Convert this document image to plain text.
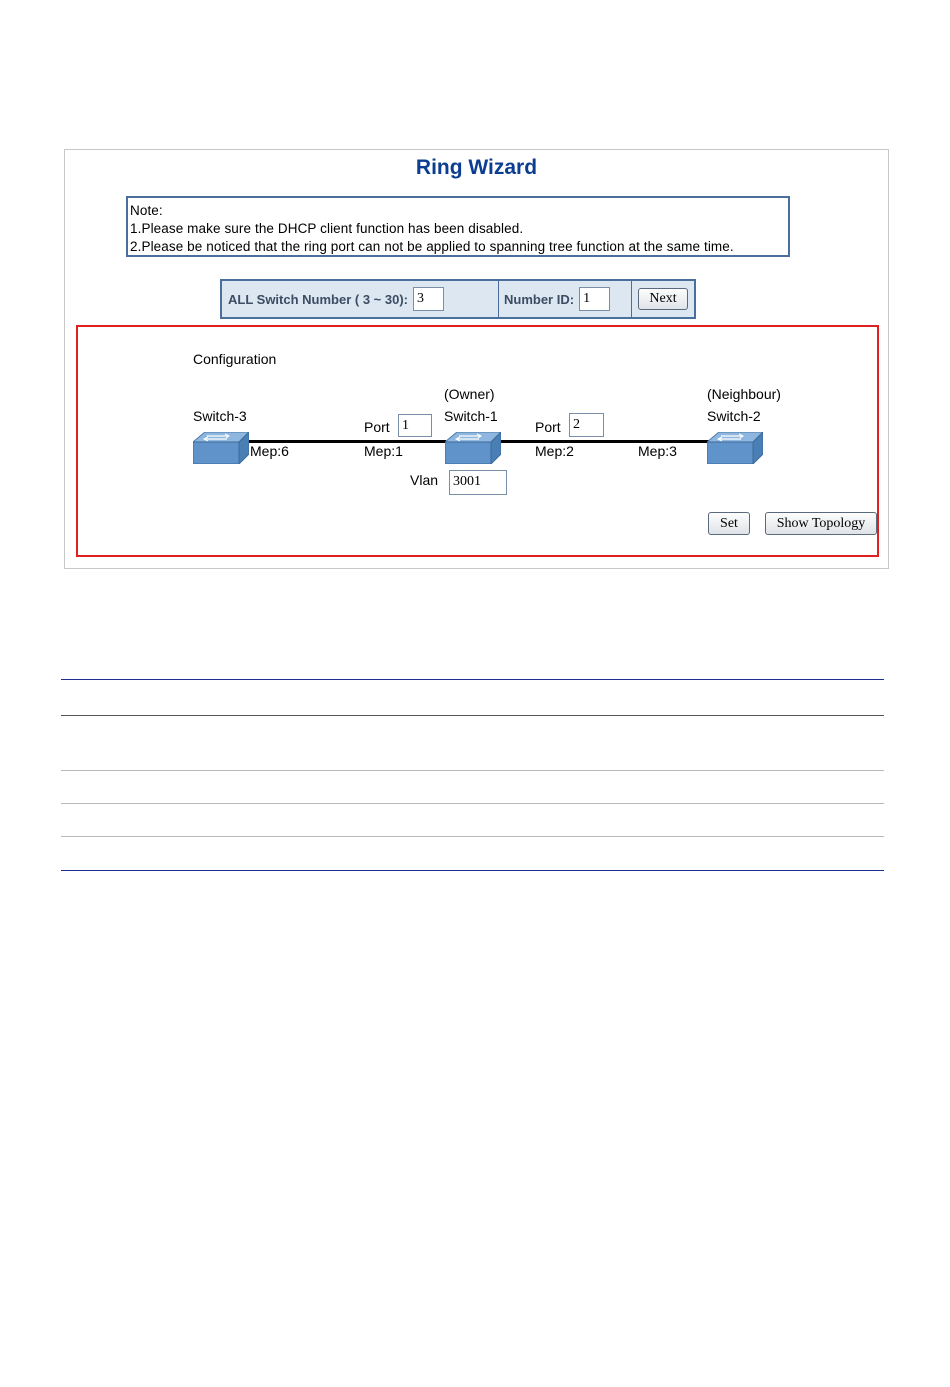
Ring Wizard
Note:
1.Please make sure the DHCP client function has been disabled.
2.Please be noticed that the ring port can not be applied to spanning tree function at the same time.
ALL Switch Number ( 3 ~ 30): 3	Number ID: 1	Next
Configuration
(Owner)	(Neighbour)
Switch-3	Switch-1	Switch-2
Port 1	Port 2
Mep:6	Mep:1	Mep:2	Mep:3
Vlan 3001
Set	Show Topology
